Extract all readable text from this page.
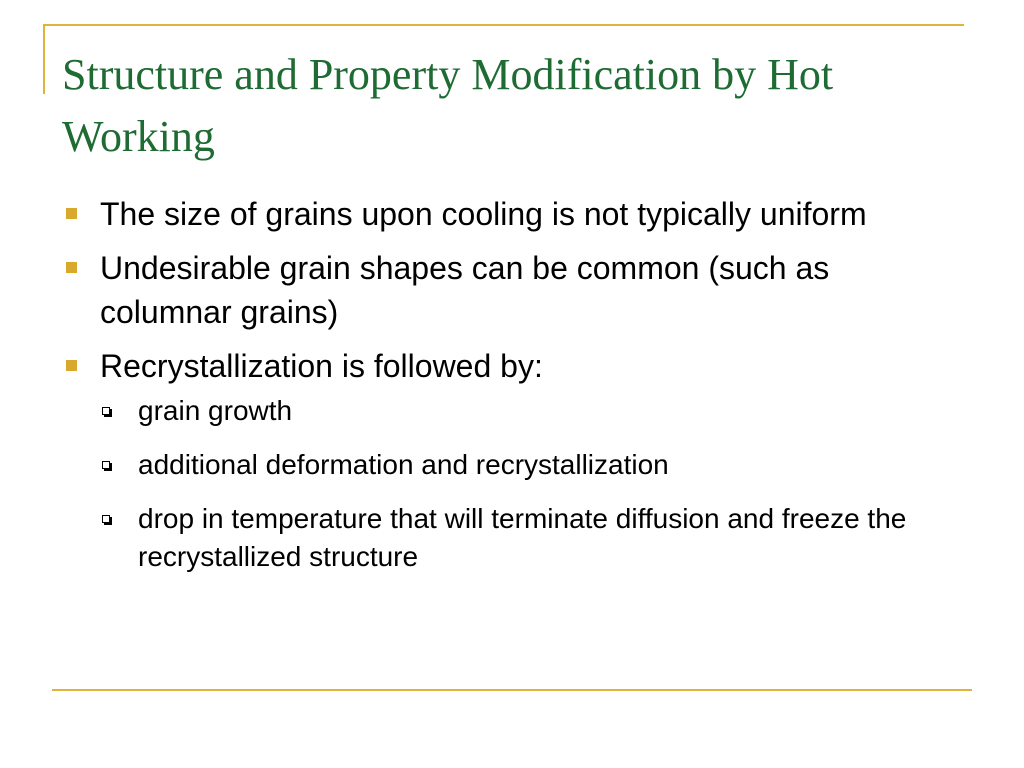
Structure and Property Modification by Hot Working
The size of grains upon cooling is not typically uniform
Undesirable grain shapes can be common (such as columnar grains)
Recrystallization is followed by:
grain growth
additional deformation and recrystallization
drop in temperature that will terminate diffusion and freeze the recrystallized structure
